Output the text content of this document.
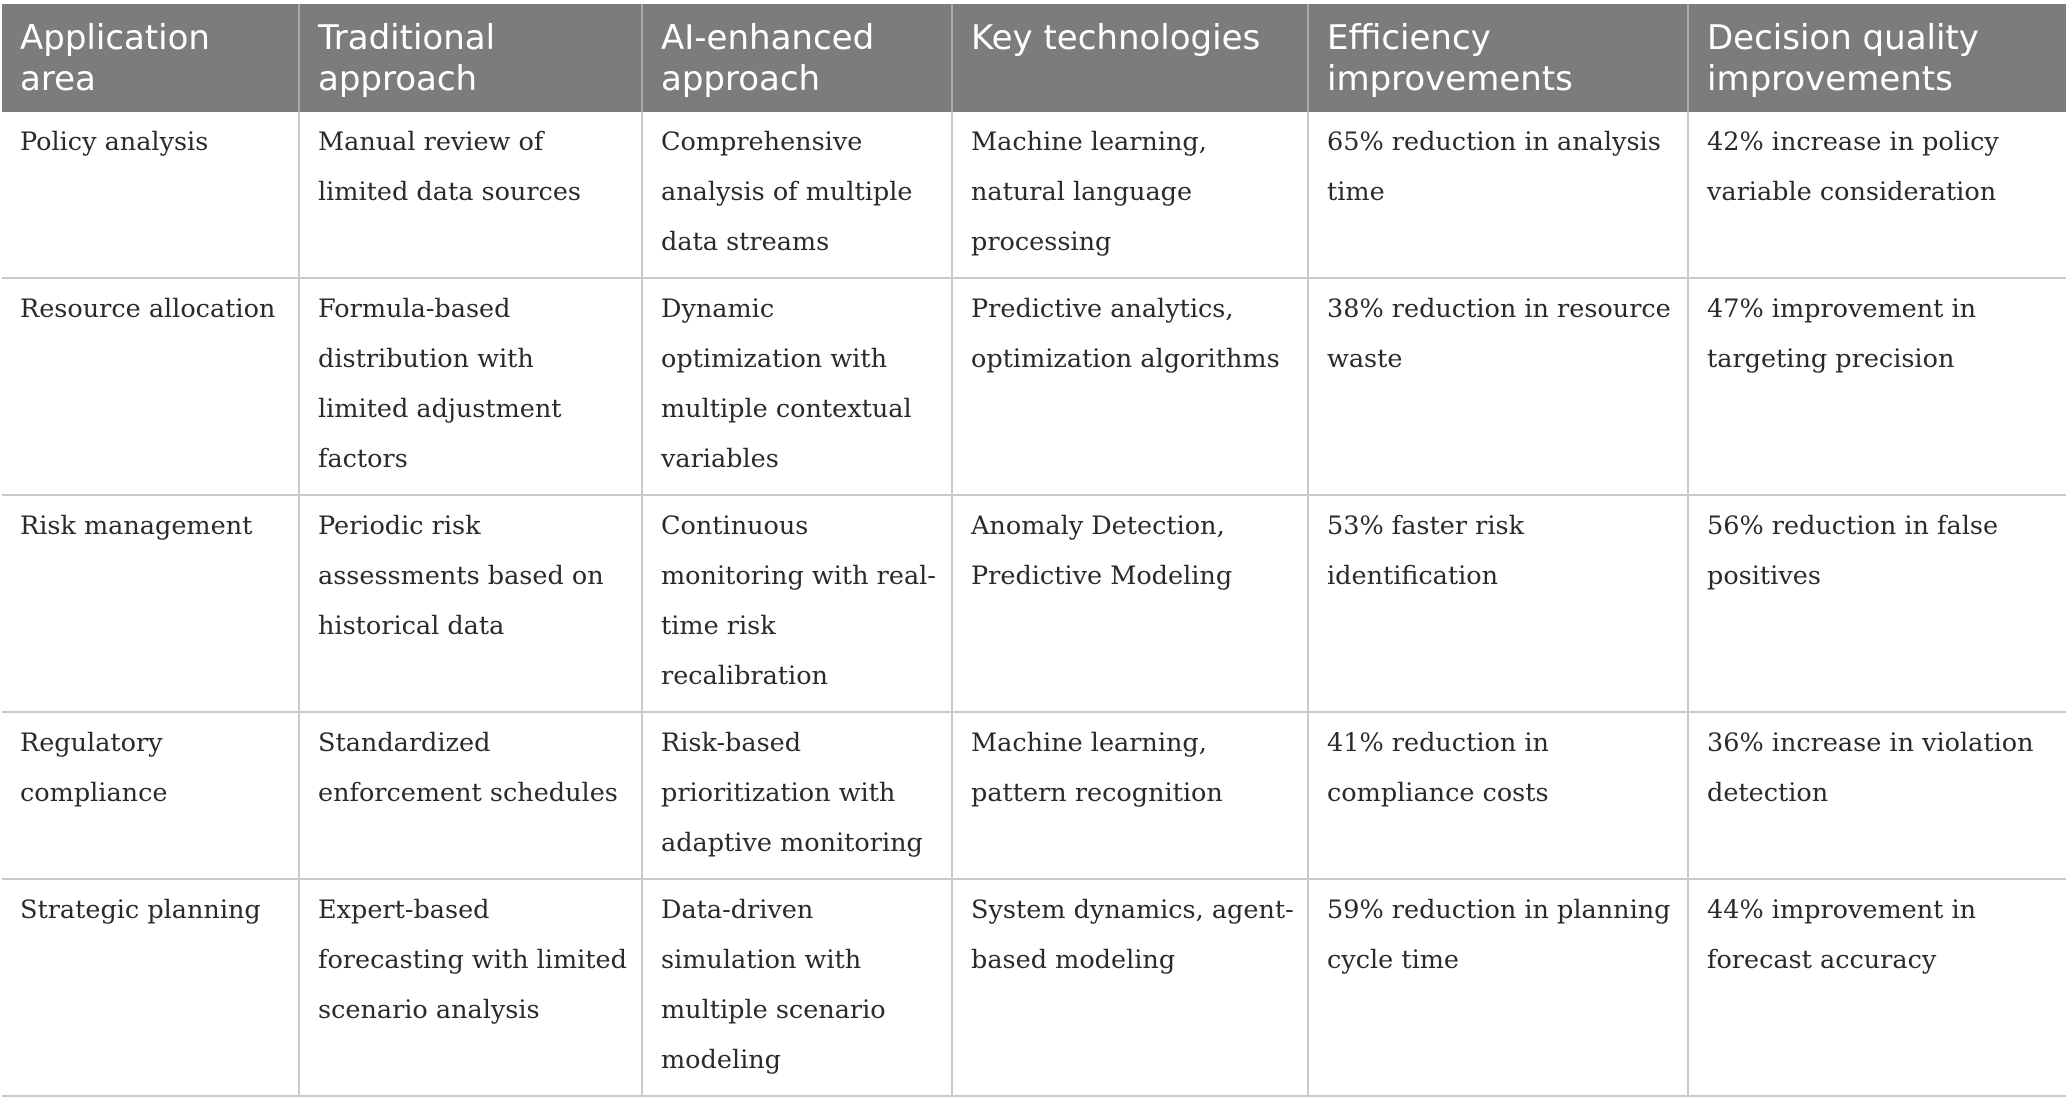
Application area	Traditional approach	AI-enhanced approach	Key technologies	Efficiency improvements	Decision quality improvements
Policy analysis	Manual review of limited data sources	Comprehensive analysis of multiple data streams	Machine learning, natural language processing	65% reduction in analysis time	42% increase in policy variable consideration
Resource allocation	Formula-based distribution with limited adjustment factors	Dynamic optimization with multiple contextual variables	Predictive analytics, optimization algorithms	38% reduction in resource waste	47% improvement in targeting precision
Risk management	Periodic risk assessments based on historical data	Continuous monitoring with real-time risk recalibration	Anomaly Detection, Predictive Modeling	53% faster risk identification	56% reduction in false positives
Regulatory compliance	Standardized enforcement schedules	Risk-based prioritization with adaptive monitoring	Machine learning, pattern recognition	41% reduction in compliance costs	36% increase in violation detection
Strategic planning	Expert-based forecasting with limited scenario analysis	Data-driven simulation with multiple scenario modeling	System dynamics, agent-based modeling	59% reduction in planning cycle time	44% improvement in forecast accuracy
